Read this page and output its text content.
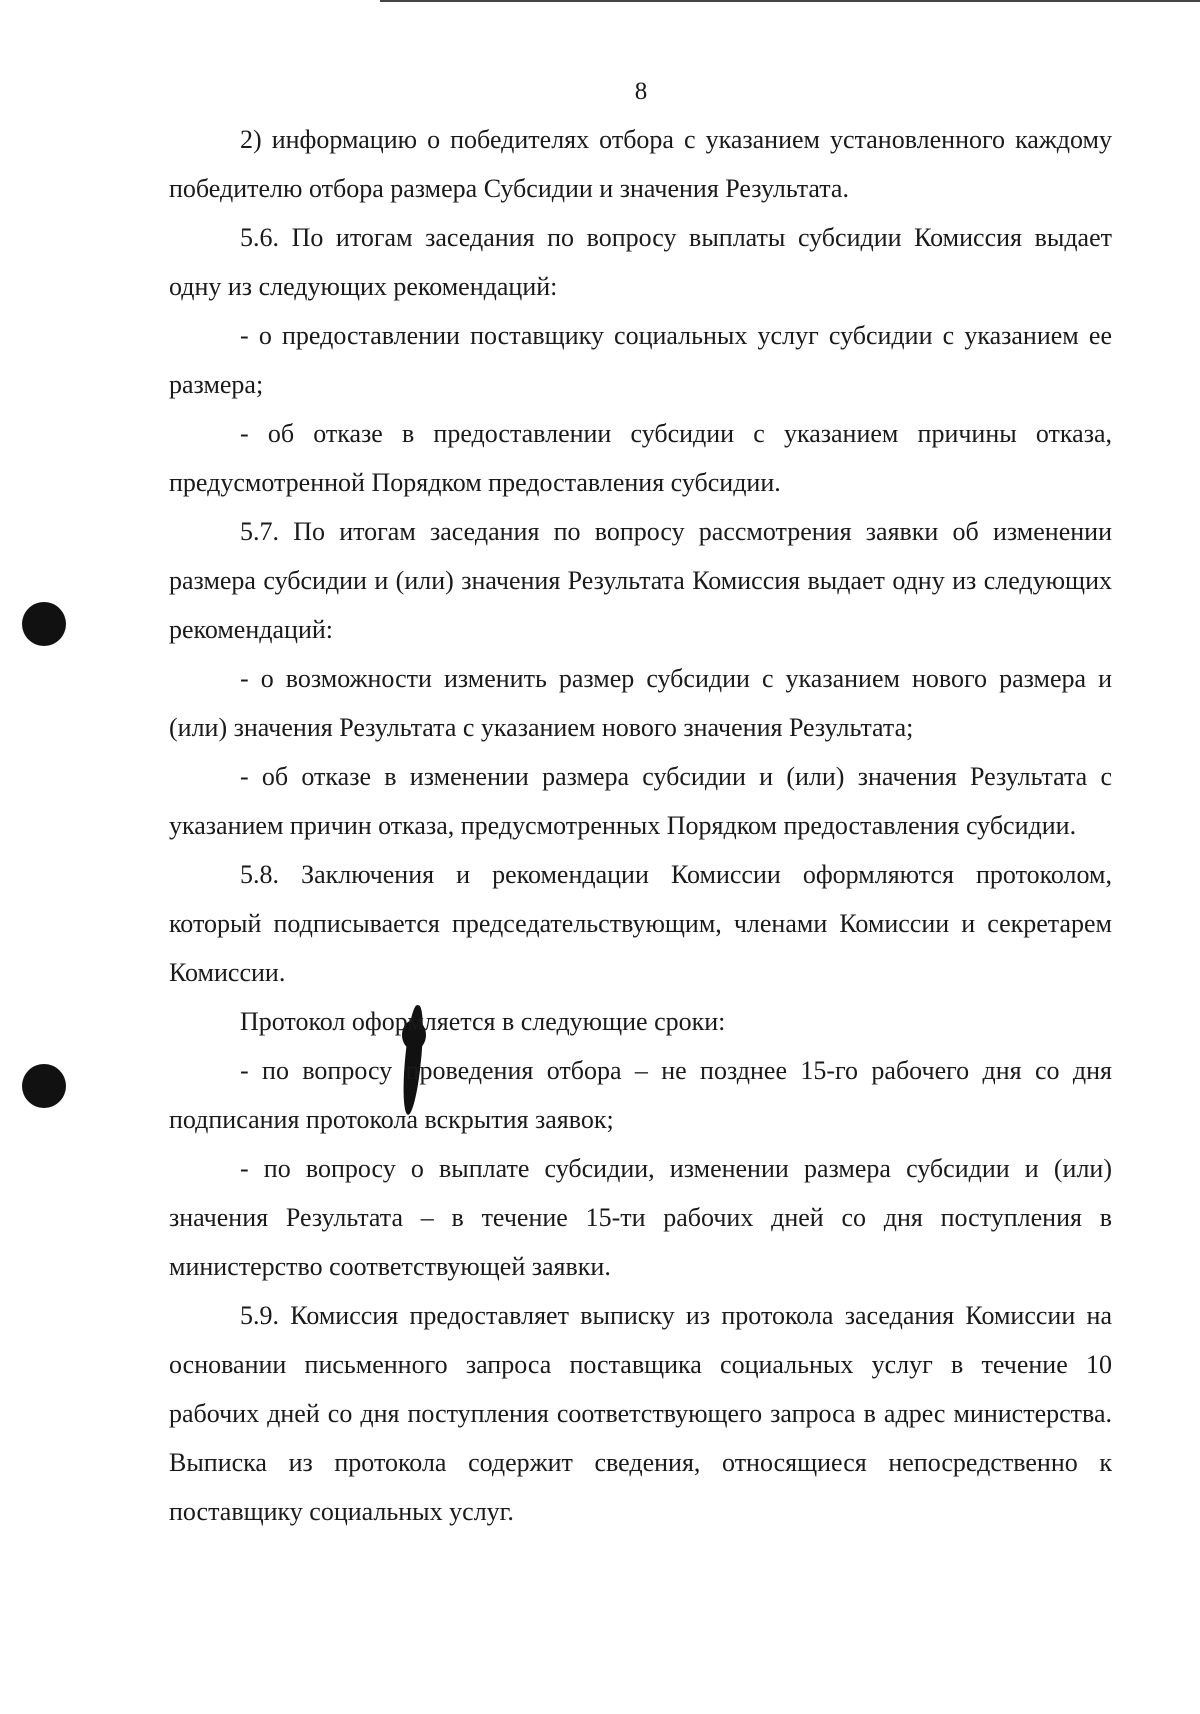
8

2) информацию о победителях отбора с указанием установленного каждому победителю отбора размера Субсидии и значения Результата.

5.6. По итогам заседания по вопросу выплаты субсидии Комиссия выдает одну из следующих рекомендаций:

- о предоставлении поставщику социальных услуг субсидии с указанием ее размера;

- об отказе в предоставлении субсидии с указанием причины отказа, предусмотренной Порядком предоставления субсидии.

5.7. По итогам заседания по вопросу рассмотрения заявки об изменении размера субсидии и (или) значения Результата Комиссия выдает одну из следующих рекомендаций:

- о возможности изменить размер субсидии с указанием нового размера и (или) значения Результата с указанием нового значения Результата;

- об отказе в изменении размера субсидии и (или) значения Результата с указанием причин отказа, предусмотренных Порядком предоставления субсидии.

5.8. Заключения и рекомендации Комиссии оформляются протоколом, который подписывается председательствующим, членами Комиссии и секретарем Комиссии.

Протокол оформляется в следующие сроки:

- по вопросу проведения отбора – не позднее 15-го рабочего дня со дня подписания протокола вскрытия заявок;

- по вопросу о выплате субсидии, изменении размера субсидии и (или) значения Результата – в течение 15-ти рабочих дней со дня поступления в министерство соответствующей заявки.

5.9. Комиссия предоставляет выписку из протокола заседания Комиссии на основании письменного запроса поставщика социальных услуг в течение 10 рабочих дней со дня поступления соответствующего запроса в адрес министерства. Выписка из протокола содержит сведения, относящиеся непосредственно к поставщику социальных услуг.
